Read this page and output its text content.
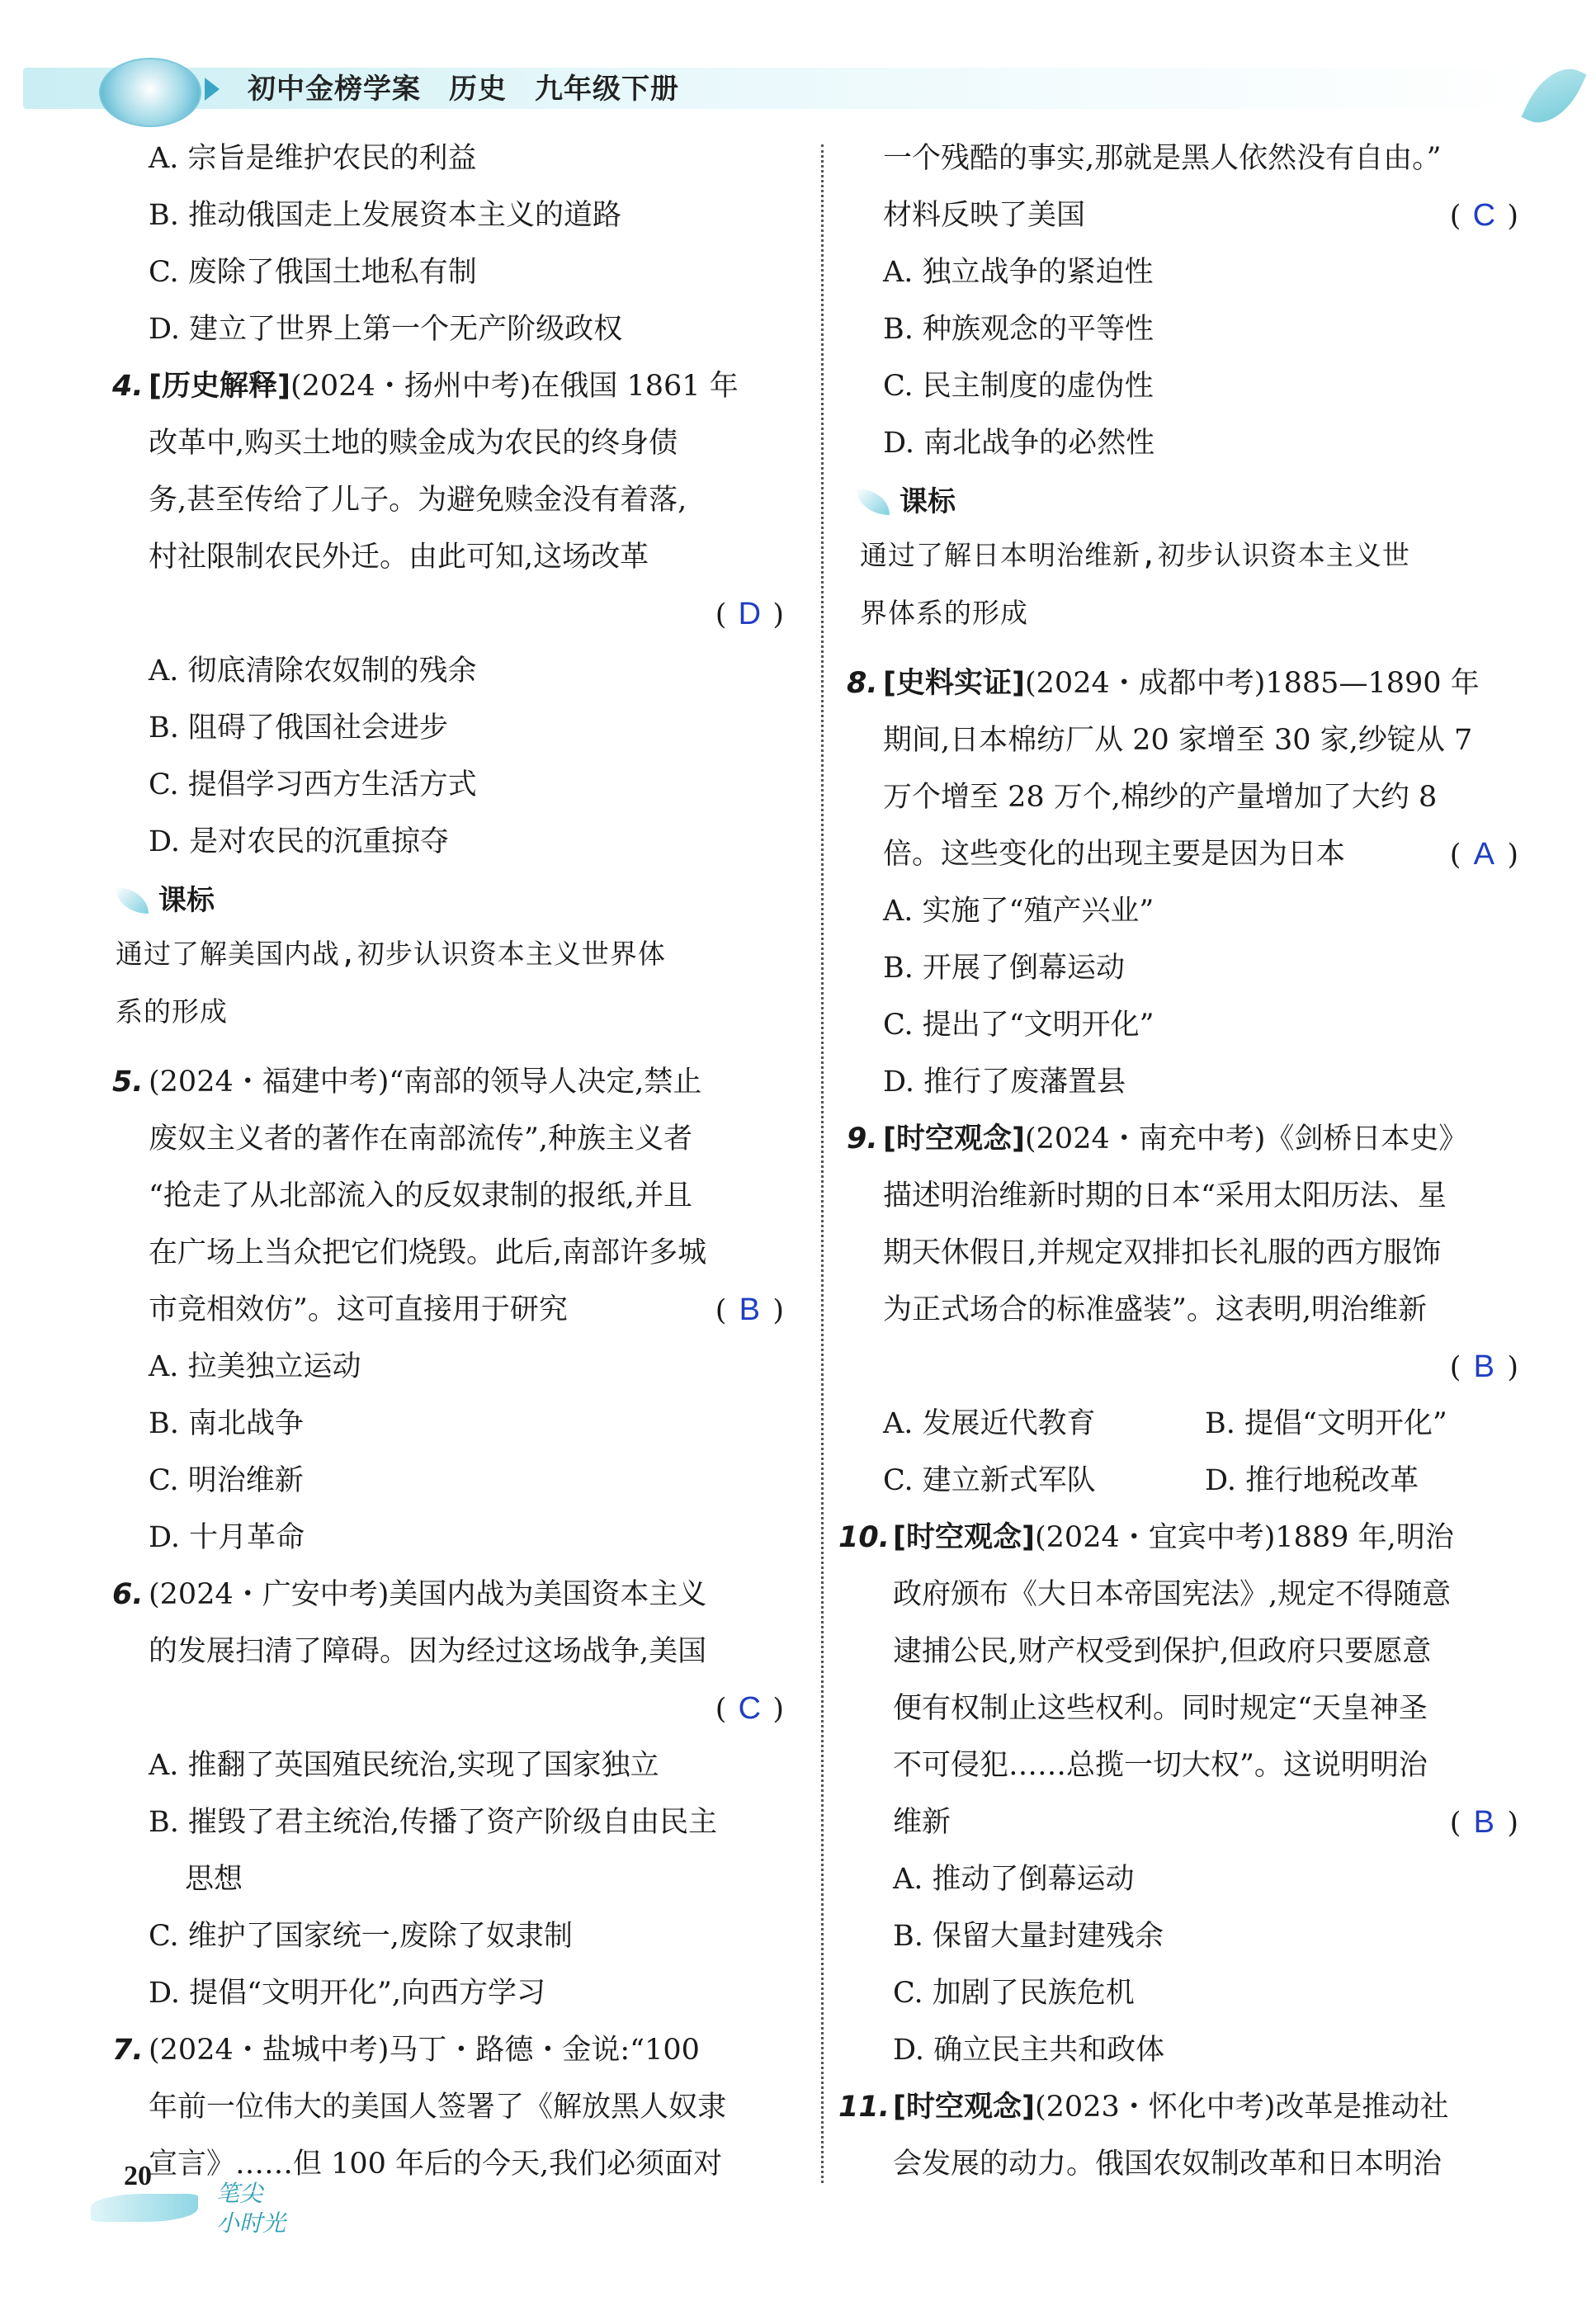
初中金榜学案 历史 九年级下册
A. 宗旨是维护农民的利益
B. 推动俄国走上发展资本主义的道路
C. 废除了俄国土地私有制
D. 建立了世界上第一个无产阶级政权
4. [历史解释](2024・扬州中考)在俄国 1861 年
改革中,购买土地的赎金成为农民的终身债
务,甚至传给了儿子。为避免赎金没有着落,
村社限制农民外迁。由此可知,这场改革
( D )
A. 彻底清除农奴制的残余
B. 阻碍了俄国社会进步
C. 提倡学习西方生活方式
D. 是对农民的沉重掠夺
课标
通过了解美国内战,初步认识资本主义世界体
系的形成
5. (2024・福建中考)“南部的领导人决定,禁止
废奴主义者的著作在南部流传”,种族主义者
“抢走了从北部流入的反奴隶制的报纸,并且
在广场上当众把它们烧毁。此后,南部许多城
市竞相效仿”。这可直接用于研究	( B )
A. 拉美独立运动
B. 南北战争
C. 明治维新
D. 十月革命
6. (2024・广安中考)美国内战为美国资本主义
的发展扫清了障碍。因为经过这场战争,美国
( C )
A. 推翻了英国殖民统治,实现了国家独立
B. 摧毁了君主统治,传播了资产阶级自由民主
思想
C. 维护了国家统一,废除了奴隶制
D. 提倡“文明开化”,向西方学习
7. (2024・盐城中考)马丁・路德・金说:“100
年前一位伟大的美国人签署了《解放黑人奴隶
宣言》……但 100 年后的今天,我们必须面对
一个残酷的事实,那就是黑人依然没有自由。”
材料反映了美国	( C )
A. 独立战争的紧迫性
B. 种族观念的平等性
C. 民主制度的虚伪性
D. 南北战争的必然性
课标
通过了解日本明治维新,初步认识资本主义世
界体系的形成
8. [史料实证](2024・成都中考)1885—1890 年
期间,日本棉纺厂从 20 家增至 30 家,纱锭从 7
万个增至 28 万个,棉纱的产量增加了大约 8
倍。这些变化的出现主要是因为日本	( A )
A. 实施了“殖产兴业”
B. 开展了倒幕运动
C. 提出了“文明开化”
D. 推行了废藩置县
9. [时空观念](2024・南充中考)《剑桥日本史》
描述明治维新时期的日本“采用太阳历法、星
期天休假日,并规定双排扣长礼服的西方服饰
为正式场合的标准盛装”。这表明,明治维新
( B )
A. 发展近代教育	B. 提倡“文明开化”
C. 建立新式军队	D. 推行地税改革
10. [时空观念](2024・宜宾中考)1889 年,明治
政府颁布《大日本帝国宪法》,规定不得随意
逮捕公民,财产权受到保护,但政府只要愿意
便有权制止这些权利。同时规定“天皇神圣
不可侵犯……总揽一切大权”。这说明明治
维新	( B )
A. 推动了倒幕运动
B. 保留大量封建残余
C. 加剧了民族危机
D. 确立民主共和政体
11. [时空观念](2023・怀化中考)改革是推动社
会发展的动力。俄国农奴制改革和日本明治
20
笔尖
小时光
